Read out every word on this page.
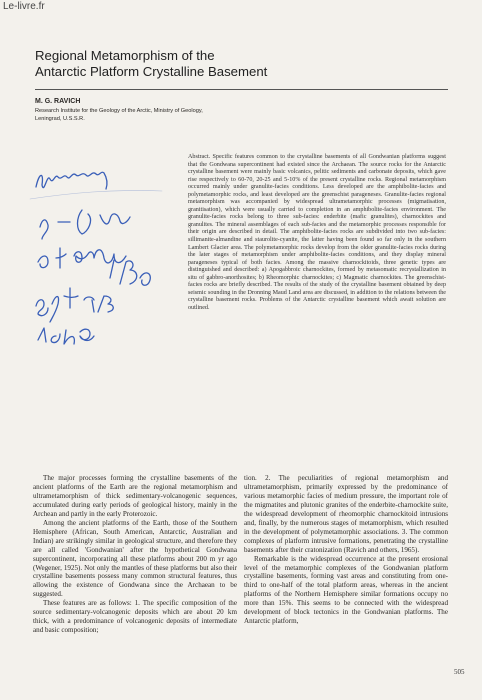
Le-livre.fr
Regional Metamorphism of the
Antarctic Platform Crystalline Basement
M. G. RAVICH
Research Institute for the Geology of the Arctic, Ministry of Geology,
Leningrad, U.S.S.R.

Abstract. Specific features common to the crystalline basements of all Gondwanian platforms suggest that the Gondwana supercontinent had existed since the Archaean. The source rocks for the Antarctic crystalline basement were mainly basic volcanics, pelitic sediments and carbonate deposits, which gave rise respectively to 60-70, 20-25 and 5-10% of the present crystalline rocks. Regional metamorphism occurred mainly under granulite-facies conditions. Less developed are the amphibolite-facies and polymetamorphic rocks, and least developed are the greenschist parageneses. Granulite-facies regional metamorphism was accompanied by widespread ultrametamorphic processes (migmatisation, granitisation), which were usually carried to completion in an amphibolite-facies environment. The granulite-facies rocks belong to three sub-facies: enderbite (mafic granulites), charnockites and granulites. The mineral assemblages of each sub-facies and the metamorphic processes responsible for their origin are described in detail. The amphibolite-facies rocks are subdivided into two sub-facies: sillimanite-almandine and staurolite-cyanite, the latter having been found so far only in the southern Lambert Glacier area. The polymetamorphic rocks develop from the older granulite-facies rocks during the later stages of metamorphism under amphibolite-facies conditions, and they display mineral parageneses typical of both facies. Among the massive charnockitoids, three genetic types are distinguished and described: a) Apogabbroic charnockites, formed by metasomatic recrystallization in situ of gabbro-anorthosites; b) Rheomorphic charnockites; c) Magmatic charnockites. The greenschist-facies rocks are briefly described. The results of the study of the crystalline basement obtained by deep seismic sounding in the Dronning Maud Land area are discussed, in addition to the relations between the crystalline basement rocks. Problems of the Antarctic crystalline basement which await solution are outlined.

The major processes forming the crystalline basements of the ancient platforms of the Earth are the regional metamorphism and ultrametamorphism of thick sedimentary-volcanogenic sequences, accumulated during early periods of geological history, mainly in the Archean and partly in the early Proterozoic.

Among the ancient platforms of the Earth, those of the Southern Hemisphere (African, South American, Antarctic, Australian and Indian) are strikingly similar in geological structure, and therefore they are all called 'Gondwanian' after the hypothetical Gondwana supercontinent, incorporating all these platforms about 200 m yr ago (Wegener, 1925). Not only the mantles of these platforms but also their crystalline basements possess many common structural features, thus allowing the existence of Gondwana since the Archaean to be suggested.

These features are as follows: 1. The specific composition of the source sedimentary-volcanogenic deposits which are about 20 km thick, with a predominance of volcanogenic deposits of intermediate and basic composition;

tion. 2. The peculiarities of regional metamorphism and ultrametamorphism, primarily expressed by the predominance of various metamorphic facies of medium pressure, the important role of the migmatites and plutonic granites of the enderbite-charnockite suite, the widespread development of rheomorphic charnockitoid intrusions and, finally, by the numerous stages of metamorphism, which resulted in the development of polymetamorphic associations. 3. The common complexes of platform intrusive formations, penetrating the crystalline basements after their cratonization (Ravich and others, 1965).

Remarkable is the widespread occurrence at the present erosional level of the metamorphic complexes of the Gondwanian platform crystalline basements, forming vast areas and constituting from one-third to one-half of the total platform areas, whereas in the ancient platforms of the Northern Hemisphere similar formations occupy no more than 15%. This seems to be connected with the widespread development of block tectonics in the Gondwanian platforms. The Antarctic platform,

505
